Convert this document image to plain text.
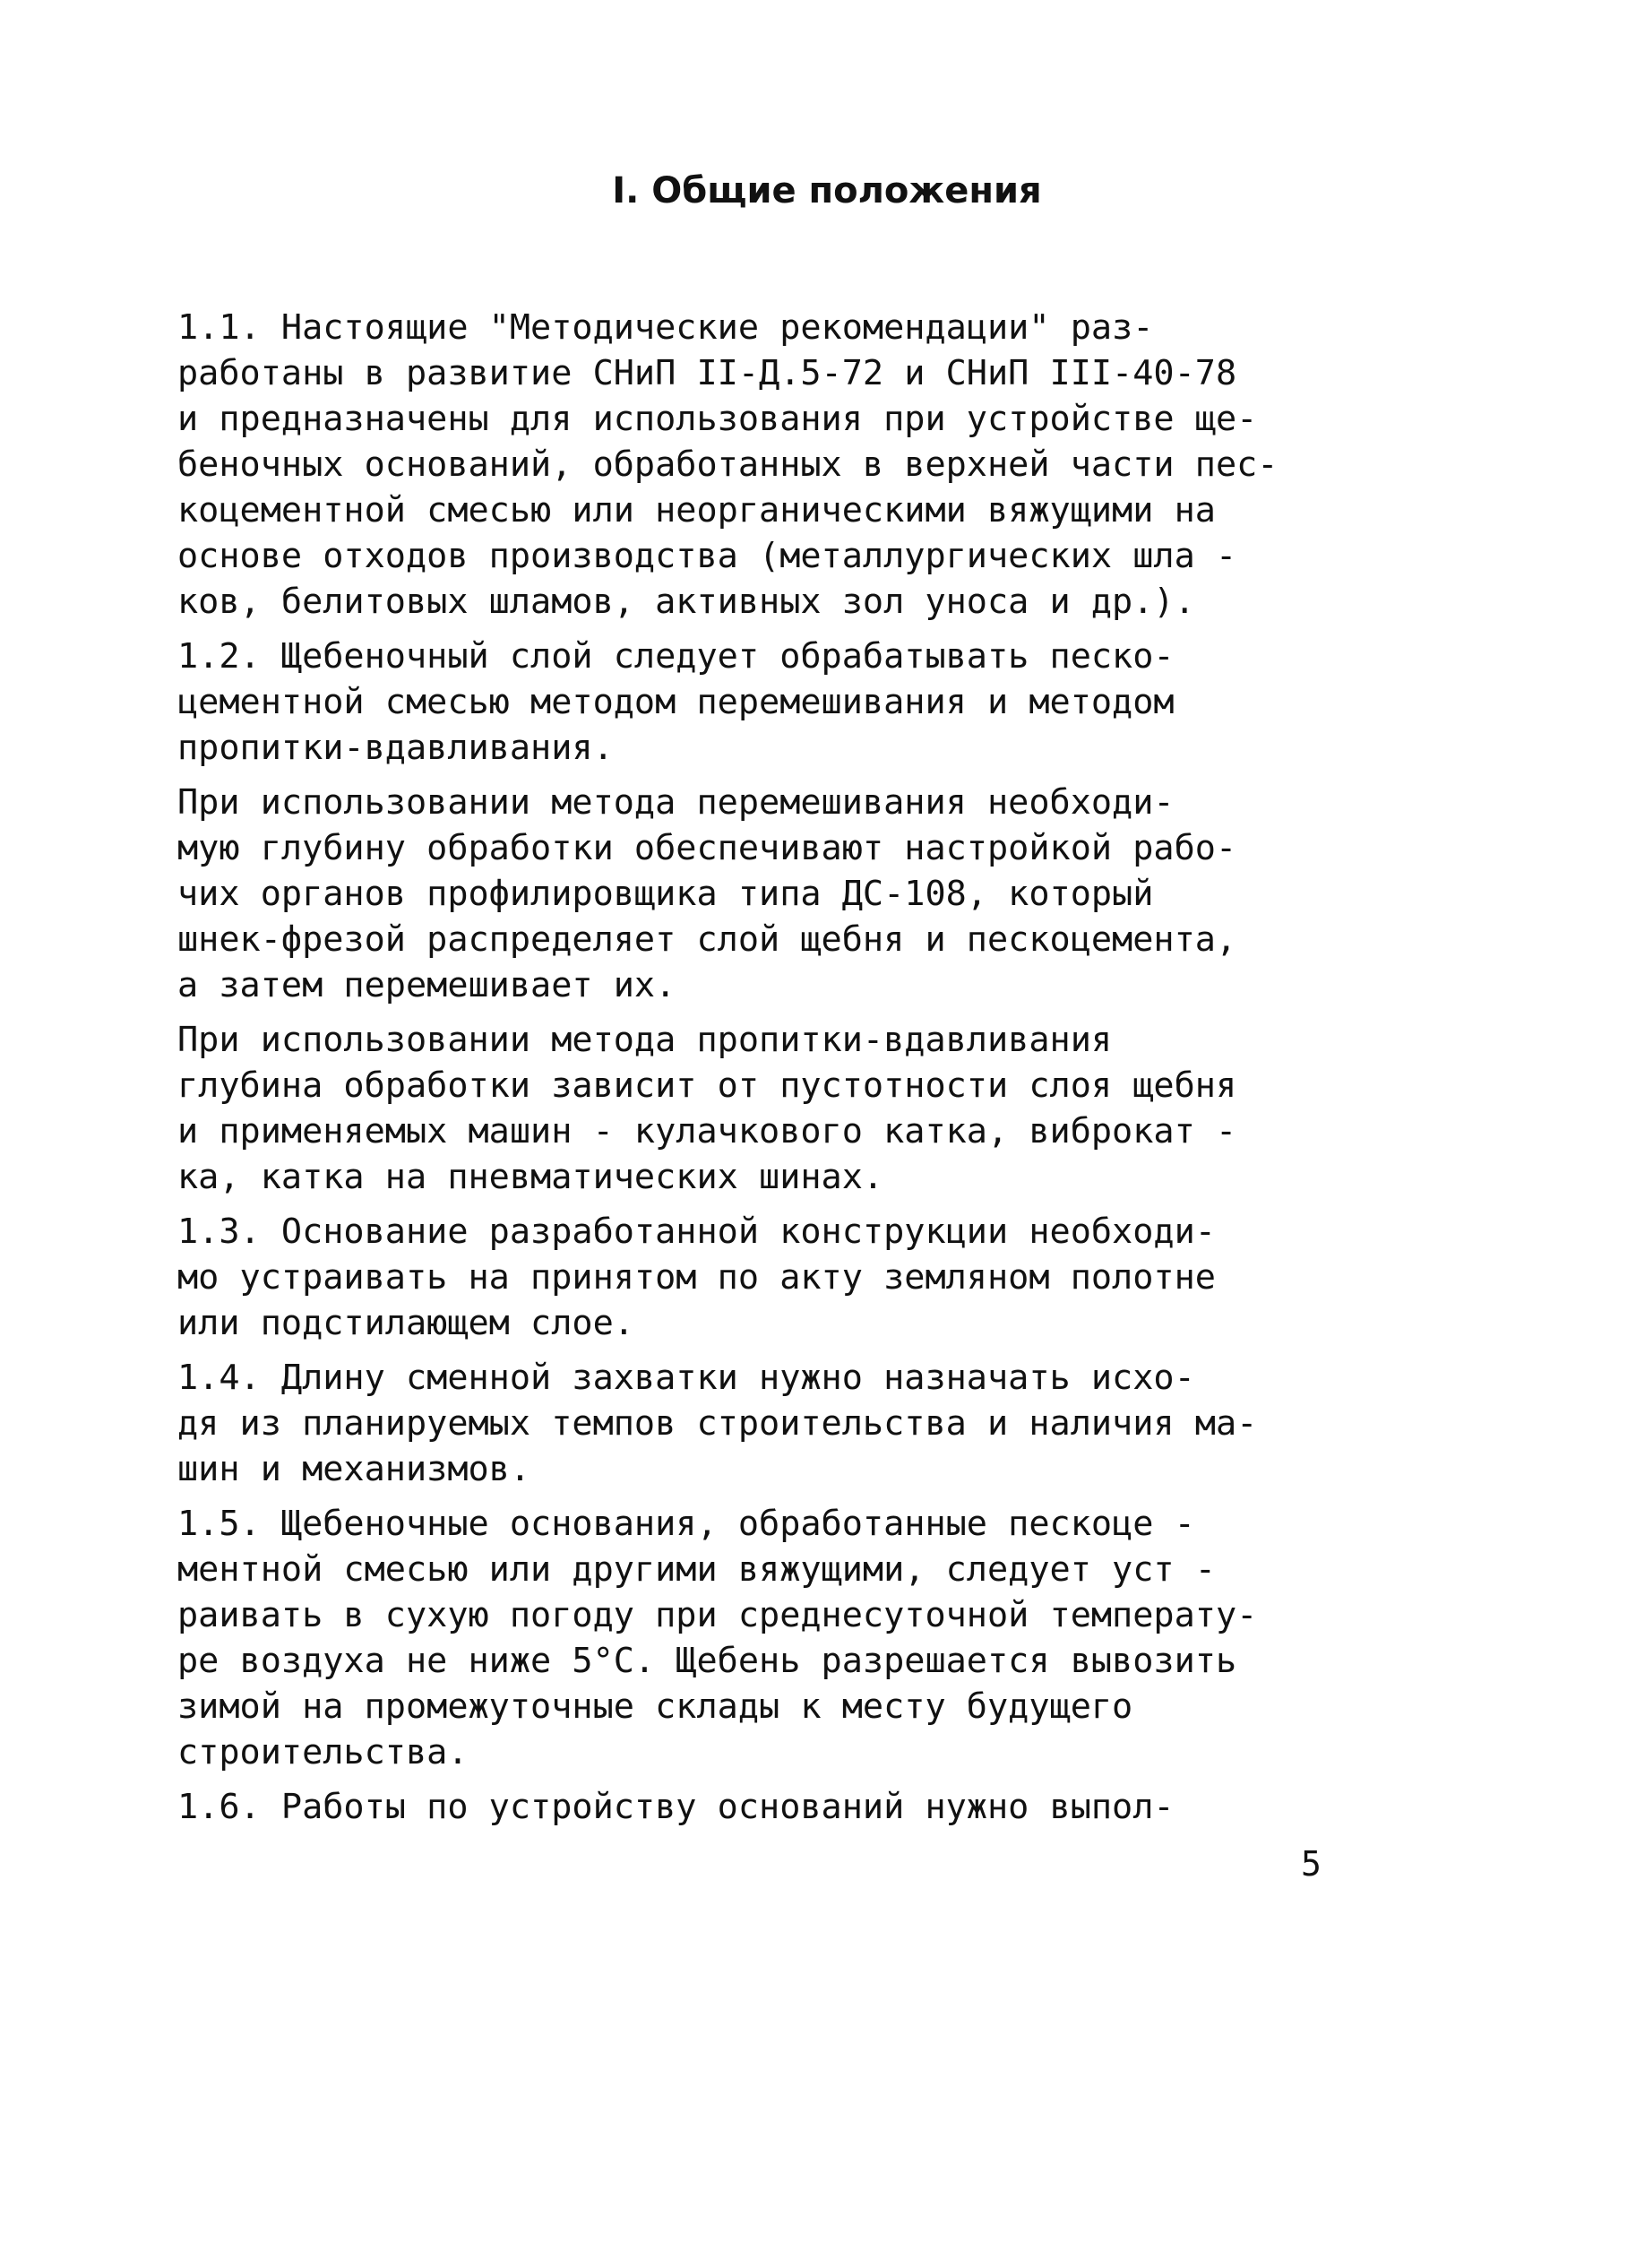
I. Общие положения

1.1. Настоящие "Методические рекомендации" раз-
работаны в развитие СНиП II-Д.5-72 и СНиП III-40-78
и предназначены для использования при устройстве ще-
беночных оснований, обработанных в верхней части пес-
коцементной смесью или неорганическими вяжущими на
основе отходов производства (металлургических шла -
ков, белитовых шламов, активных зол уноса и др.).

1.2. Щебеночный слой следует обрабатывать песко-
цементной смесью методом перемешивания и методом
пропитки-вдавливания.

При использовании метода перемешивания необходи-
мую глубину обработки обеспечивают настройкой рабо-
чих органов профилировщика типа ДС-108, который
шнек-фрезой распределяет слой щебня и пескоцемента,
а затем перемешивает их.

При использовании метода пропитки-вдавливания
глубина обработки зависит от пустотности слоя щебня
и применяемых машин - кулачкового катка, виброкат -
ка, катка на пневматических шинах.

1.3. Основание разработанной конструкции необходи-
мо устраивать на принятом по акту земляном полотне
или подстилающем слое.

1.4. Длину сменной захватки нужно назначать исхо-
дя из планируемых темпов строительства и наличия ма-
шин и механизмов.

1.5. Щебеночные основания, обработанные пескоце -
ментной смесью или другими вяжущими, следует уст -
раивать в сухую погоду при среднесуточной температу-
ре воздуха не ниже 5°С. Щебень разрешается вывозить
зимой на промежуточные склады к месту будущего
строительства.

1.6. Работы по устройству оснований нужно выпол-

5
